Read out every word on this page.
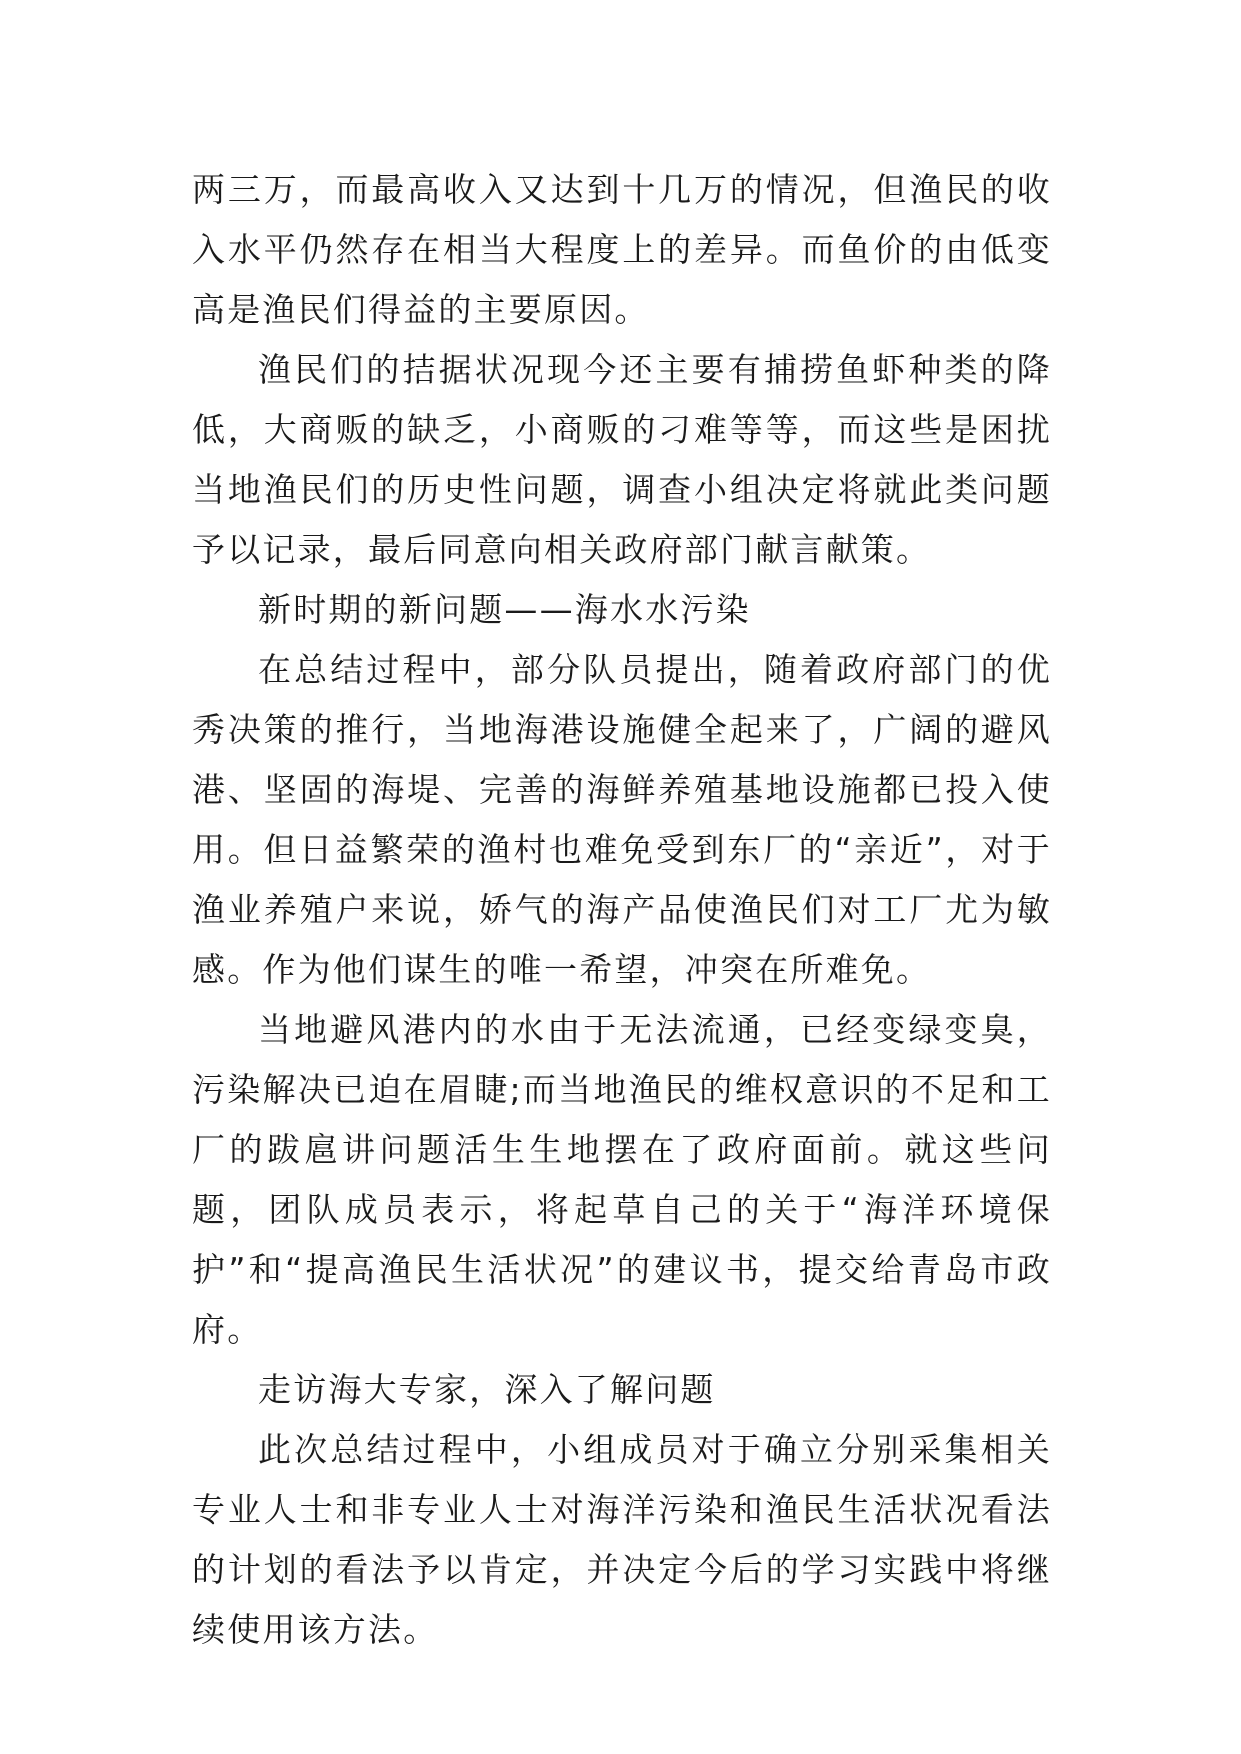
两三万，而最高收入又达到十几万的情况，但渔民的收入水平仍然存在相当大程度上的差异。而鱼价的由低变高是渔民们得益的主要原因。

渔民们的拮据状况现今还主要有捕捞鱼虾种类的降低，大商贩的缺乏，小商贩的刁难等等，而这些是困扰当地渔民们的历史性问题，调查小组决定将就此类问题予以记录，最后同意向相关政府部门献言献策。

新时期的新问题——海水水污染

在总结过程中，部分队员提出，随着政府部门的优秀决策的推行，当地海港设施健全起来了，广阔的避风港、坚固的海堤、完善的海鲜养殖基地设施都已投入使用。但日益繁荣的渔村也难免受到东厂的“亲近”，对于渔业养殖户来说，娇气的海产品使渔民们对工厂尤为敏感。作为他们谋生的唯一希望，冲突在所难免。

当地避风港内的水由于无法流通，已经变绿变臭，污染解决已迫在眉睫;而当地渔民的维权意识的不足和工厂的跋扈讲问题活生生地摆在了政府面前。就这些问题，团队成员表示，将起草自己的关于“海洋环境保护”和“提高渔民生活状况”的建议书，提交给青岛市政府。

走访海大专家，深入了解问题

此次总结过程中，小组成员对于确立分别采集相关专业人士和非专业人士对海洋污染和渔民生活状况看法的计划的看法予以肯定，并决定今后的学习实践中将继续使用该方法。
